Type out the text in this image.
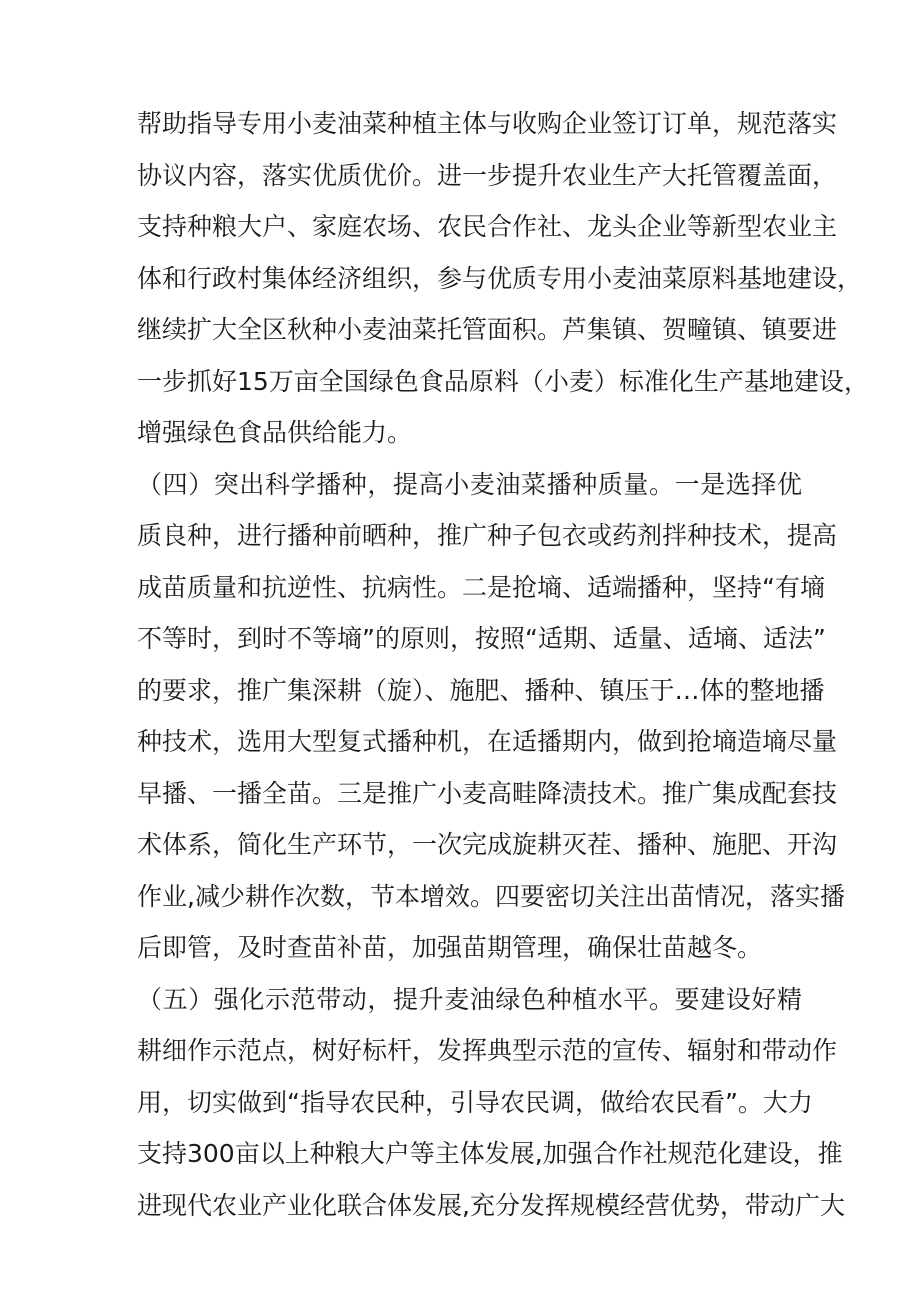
帮助指导专用小麦油菜种植主体与收购企业签订订单，规范落实
协议内容，落实优质优价。进一步提升农业生产大托管覆盖面，
支持种粮大户、家庭农场、农民合作社、龙头企业等新型农业主
体和行政村集体经济组织，参与优质专用小麦油菜原料基地建设，
继续扩大全区秋种小麦油菜托管面积。芦集镇、贺疃镇、镇要进
一步抓好15万亩全国绿色食品原料（小麦）标准化生产基地建设，
增强绿色食品供给能力。
（四）突出科学播种，提高小麦油菜播种质量。一是选择优
质良种，进行播种前晒种，推广种子包衣或药剂拌种技术，提高
成苗质量和抗逆性、抗病性。二是抢墒、适端播种，坚持“有墒
不等时，到时不等墒”的原则，按照“适期、适量、适墒、适法”
的要求，推广集深耕（旋）、施肥、播种、镇压于…体的整地播
种技术，选用大型复式播种机，在适播期内，做到抢墒造墒尽量
早播、一播全苗。三是推广小麦高畦降渍技术。推广集成配套技
术体系，简化生产环节，一次完成旋耕灭茬、播种、施肥、开沟
作业,减少耕作次数，节本增效。四要密切关注出苗情况，落实播
后即管，及时查苗补苗，加强苗期管理，确保壮苗越冬。
（五）强化示范带动，提升麦油绿色种植水平。要建设好精
耕细作示范点，树好标杆，发挥典型示范的宣传、辐射和带动作
用，切实做到“指导农民种，引导农民调，做给农民看”。大力
支持300亩以上种粮大户等主体发展,加强合作社规范化建设，推
进现代农业产业化联合体发展,充分发挥规模经营优势，带动广大
